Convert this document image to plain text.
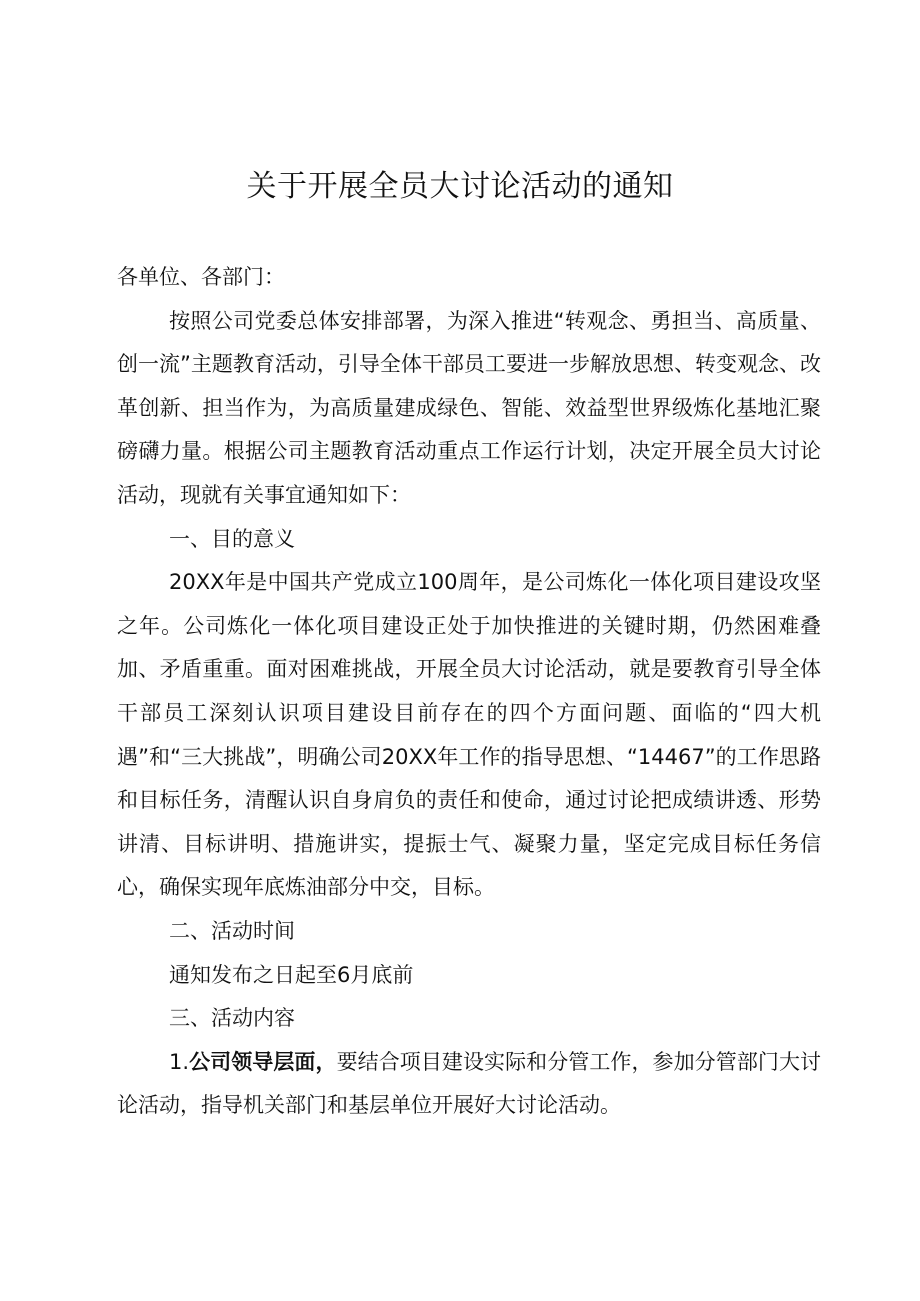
关于开展全员大讨论活动的通知

各单位、各部门：

按照公司党委总体安排部署，为深入推进“转观念、勇担当、高质量、创一流”主题教育活动，引导全体干部员工要进一步解放思想、转变观念、改革创新、担当作为，为高质量建成绿色、智能、效益型世界级炼化基地汇聚磅礴力量。根据公司主题教育活动重点工作运行计划，决定开展全员大讨论活动，现就有关事宜通知如下：

一、目的意义

20XX年是中国共产党成立100周年，是公司炼化一体化项目建设攻坚之年。公司炼化一体化项目建设正处于加快推进的关键时期，仍然困难叠加、矛盾重重。面对困难挑战，开展全员大讨论活动，就是要教育引导全体干部员工深刻认识项目建设目前存在的四个方面问题、面临的“四大机遇”和“三大挑战”，明确公司20XX年工作的指导思想、“14467”的工作思路和目标任务，清醒认识自身肩负的责任和使命，通过讨论把成绩讲透、形势讲清、目标讲明、措施讲实，提振士气、凝聚力量，坚定完成目标任务信心，确保实现年底炼油部分中交，目标。

二、活动时间

通知发布之日起至6月底前

三、活动内容

1.公司领导层面，要结合项目建设实际和分管工作，参加分管部门大讨论活动，指导机关部门和基层单位开展好大讨论活动。
